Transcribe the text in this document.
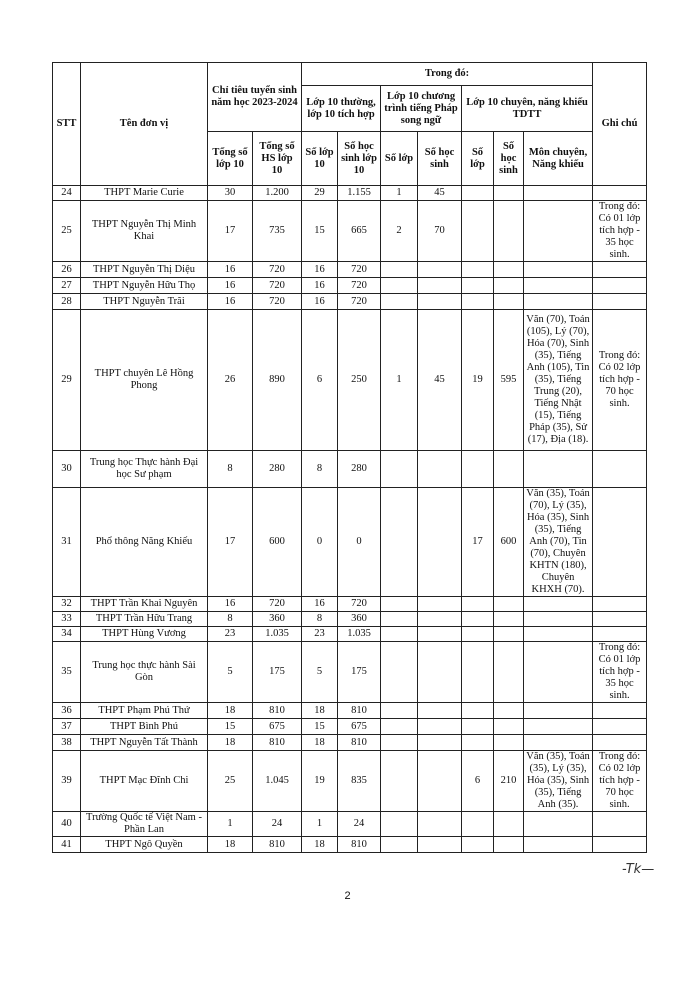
STT	Tên đơn vị	Chỉ tiêu tuyển sinh năm học 2023-2024		Trong đó:							Ghi chú
				Lớp 10 thường, lớp 10 tích hợp		Lớp 10 chương trình tiếng Pháp song ngữ		Lớp 10 chuyên, năng khiếu TDTT			
		Tổng số lớp 10	Tổng số HS lớp 10	Số lớp 10	Số học sinh lớp 10	Số lớp	Số học sinh	Số lớp	Số học sinh	Môn chuyên, Năng khiếu	
24	THPT Marie Curie	30	1.200	29	1.155	1	45				
25	THPT Nguyễn Thị Minh Khai	17	735	15	665	2	70				Trong đó: Có 01 lớp tích hợp - 35 học sinh.
26	THPT Nguyễn Thị Diệu	16	720	16	720						
27	THPT Nguyễn Hữu Thọ	16	720	16	720						
28	THPT Nguyễn Trãi	16	720	16	720						
29	THPT chuyên Lê Hồng Phong	26	890	6	250	1	45	19	595	Văn (70), Toán (105), Lý (70), Hóa (70), Sinh (35), Tiếng Anh (105), Tin (35), Tiếng Trung (20), Tiếng Nhật (15), Tiếng Pháp (35), Sử (17), Địa (18).	Trong đó: Có 02 lớp tích hợp - 70 học sinh.
30	Trung học Thực hành Đại học Sư phạm	8	280	8	280						
31	Phổ thông Năng Khiếu	17	600	0	0			17	600	Văn (35), Toán (70), Lý (35), Hóa (35), Sinh (35), Tiếng Anh (70), Tin (70), Chuyên KHTN (180), Chuyên KHXH (70).	
32	THPT Trần Khai Nguyên	16	720	16	720						
33	THPT Trần Hữu Trang	8	360	8	360						
34	THPT Hùng Vương	23	1.035	23	1.035						
35	Trung học thực hành Sài Gòn	5	175	5	175						Trong đó: Có 01 lớp tích hợp - 35 học sinh.
36	THPT Phạm Phú Thứ	18	810	18	810						
37	THPT Bình Phú	15	675	15	675						
38	THPT Nguyễn Tất Thành	18	810	18	810						
39	THPT Mạc Đĩnh Chi	25	1.045	19	835			6	210	Văn (35), Toán (35), Lý (35), Hóa (35), Sinh (35), Tiếng Anh (35).	Trong đó: Có 02 lớp tích hợp - 70 học sinh.
40	Trường Quốc tế Việt Nam - Phần Lan	1	24	1	24						
41	THPT Ngô Quyền	18	810	18	810						
-Tk—
2
